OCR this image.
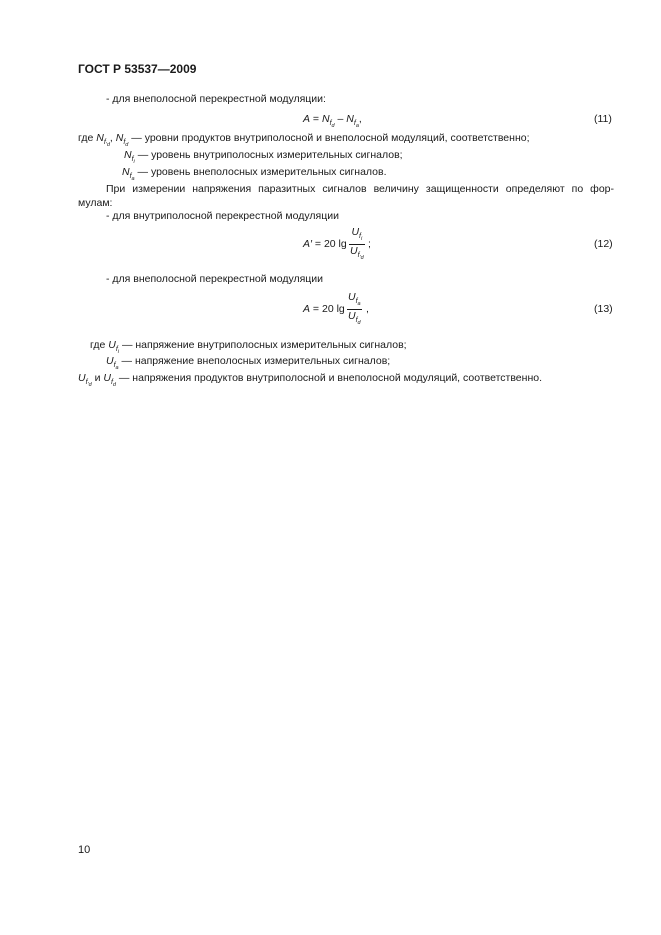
ГОСТ Р 53537—2009
- для внеполосной перекрестной модуляции:
$A = N_{f_d} - N_{f_a}$,	(11)
где $N_{f_{'d}}$, $N_{f_d}$ — уровни продуктов внутриполосной и внеполосной модуляций, соответственно;
$N_{f_i}$ — уровень внутриполосных измерительных сигналов;
$N_{f_a}$ — уровень внеполосных измерительных сигналов.
При измерении напряжения паразитных сигналов величину защищенности определяют по фор-
мулам:
- для внутриполосной перекрестной модуляции
A′ = 20 lg
$U_{f_i}$
$U_{f_{'d}}$
;	(12)
- для внеполосной перекрестной модуляции
A = 20 lg
$U_{f_a}$
$U_{f_d}$
,	(13)
где $U_{f_i}$ — напряжение внутриполосных измерительных сигналов;
$U_{f_a}$ — напряжение внеполосных измерительных сигналов;
$U_{f_{'d}}$ и $U_{f_d}$ — напряжения продуктов внутриполосной и внеполосной модуляций, соответственно.
10
